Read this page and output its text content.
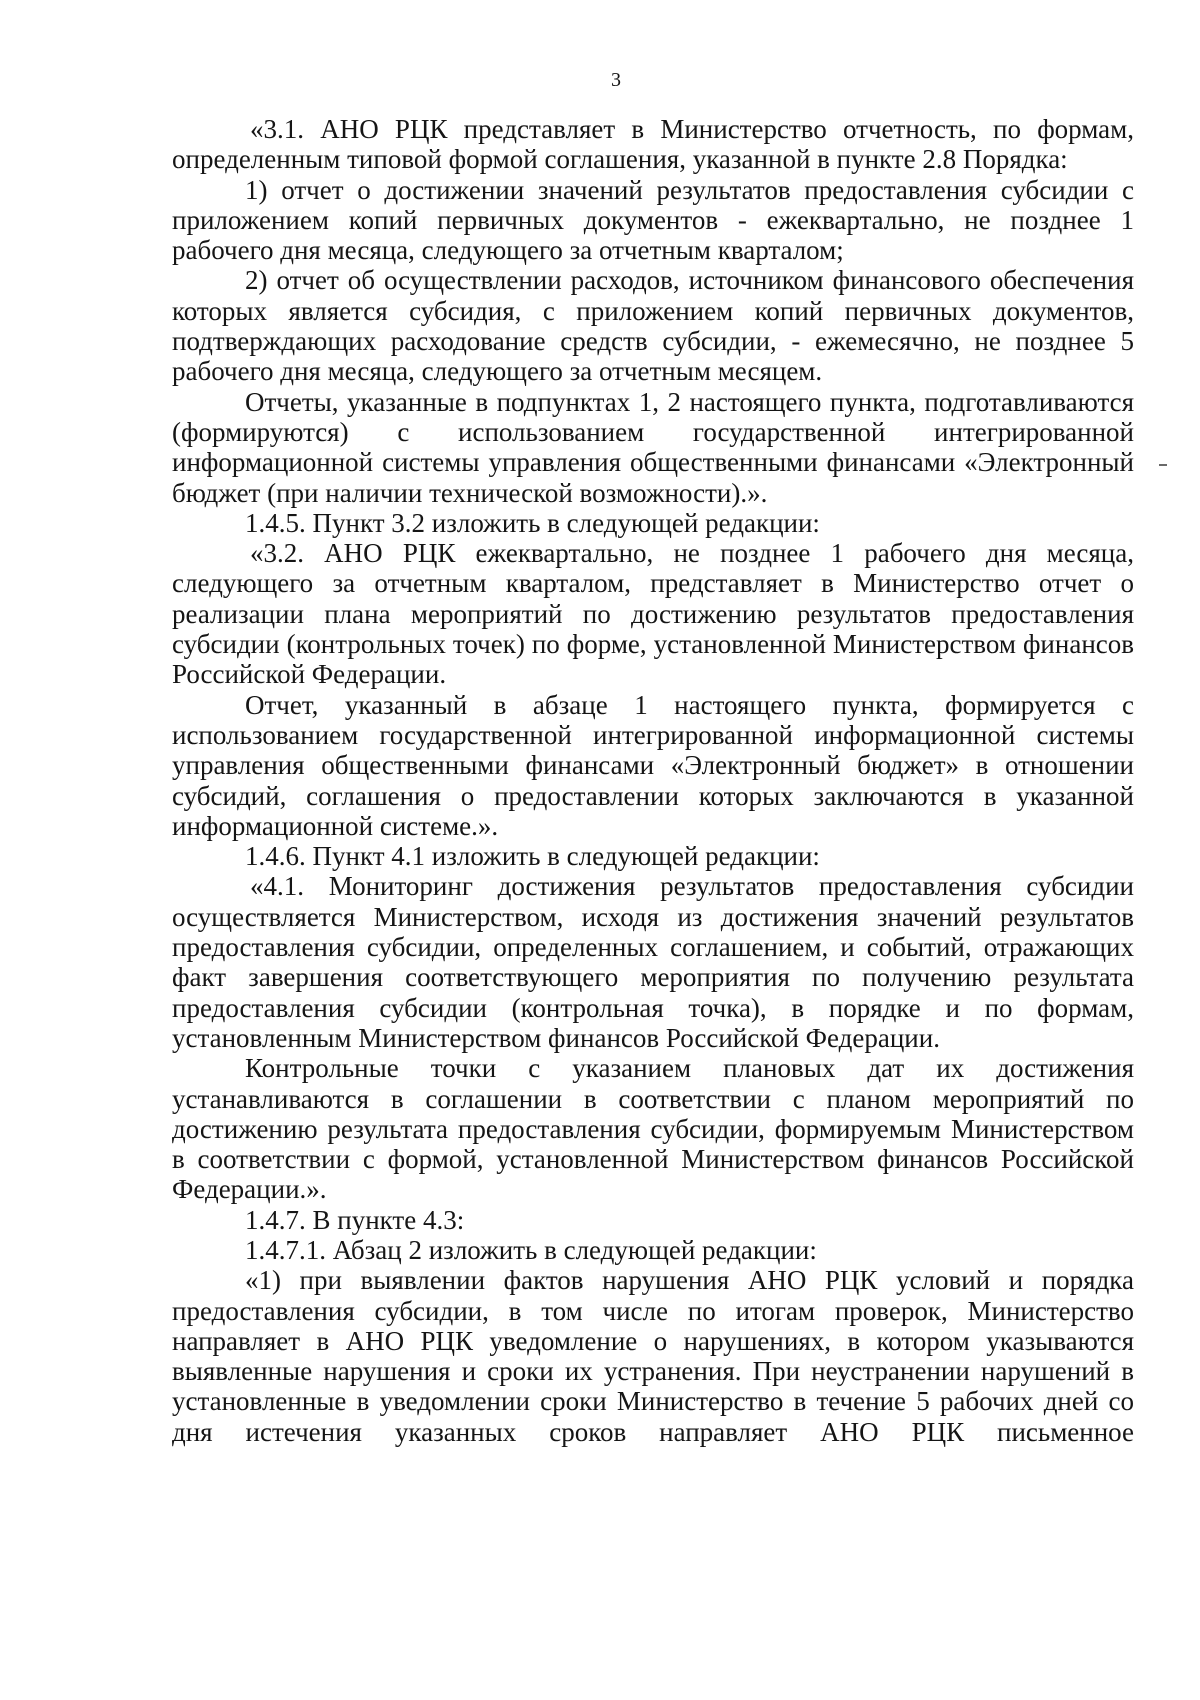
3

«3.1. АНО РЦК представляет в Министерство отчетность, по формам, определенным типовой формой соглашения, указанной в пункте 2.8 Порядка:

1) отчет о достижении значений результатов предоставления субсидии с приложением копий первичных документов - ежеквартально, не позднее 1 рабочего дня месяца, следующего за отчетным кварталом;

2) отчет об осуществлении расходов, источником финансового обеспечения которых является субсидия, с приложением копий первичных документов, подтверждающих расходование средств субсидии, - ежемесячно, не позднее 5 рабочего дня месяца, следующего за отчетным месяцем.

Отчеты, указанные в подпунктах 1, 2 настоящего пункта, подготавливаются (формируются) с использованием государственной интегрированной информационной системы управления общественными финансами «Электронный бюджет (при наличии технической возможности).».

1.4.5. Пункт 3.2 изложить в следующей редакции:

«3.2. АНО РЦК ежеквартально, не позднее 1 рабочего дня месяца, следующего за отчетным кварталом, представляет в Министерство отчет о реализации плана мероприятий по достижению результатов предоставления субсидии (контрольных точек) по форме, установленной Министерством финансов Российской Федерации.

Отчет, указанный в абзаце 1 настоящего пункта, формируется с использованием государственной интегрированной информационной системы управления общественными финансами «Электронный бюджет» в отношении субсидий, соглашения о предоставлении которых заключаются в указанной информационной системе.».

1.4.6. Пункт 4.1 изложить в следующей редакции:

«4.1. Мониторинг достижения результатов предоставления субсидии осуществляется Министерством, исходя из достижения значений результатов предоставления субсидии, определенных соглашением, и событий, отражающих факт завершения соответствующего мероприятия по получению результата предоставления субсидии (контрольная точка), в порядке и по формам, установленным Министерством финансов Российской Федерации.

Контрольные точки с указанием плановых дат их достижения устанавливаются в соглашении в соответствии с планом мероприятий по достижению результата предоставления субсидии, формируемым Министерством в соответствии с формой, установленной Министерством финансов Российской Федерации.».

1.4.7. В пункте 4.3:

1.4.7.1. Абзац 2 изложить в следующей редакции:

«1) при выявлении фактов нарушения АНО РЦК условий и порядка предоставления субсидии, в том числе по итогам проверок, Министерство направляет в АНО РЦК уведомление о нарушениях, в котором указываются выявленные нарушения и сроки их устранения. При неустранении нарушений в установленные в уведомлении сроки Министерство в течение 5 рабочих дней со дня истечения указанных сроков направляет АНО РЦК письменное
